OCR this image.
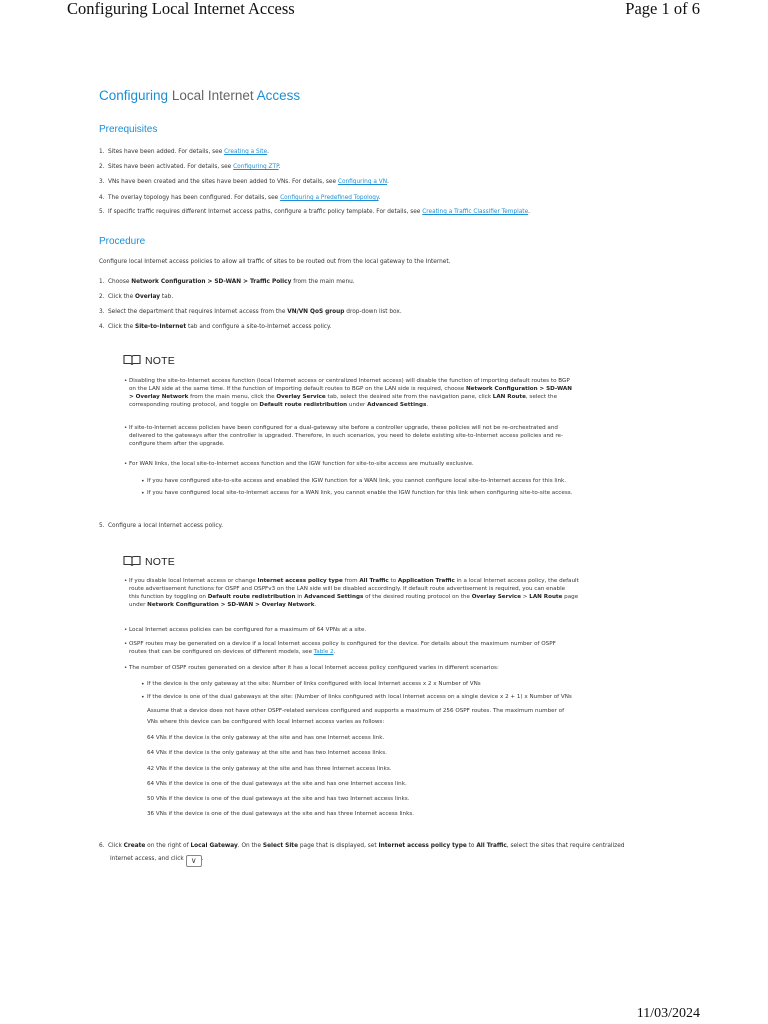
Configuring Local Internet Access	Page 1 of 6
Configuring Local Internet Access
Prerequisites
1. Sites have been added. For details, see Creating a Site.
2. Sites have been activated. For details, see Configuring ZTP.
3. VNs have been created and the sites have been added to VNs. For details, see Configuring a VN.
4. The overlay topology has been configured. For details, see Configuring a Predefined Topology.
5. If specific traffic requires different Internet access paths, configure a traffic policy template. For details, see Creating a Traffic Classifier Template.
Procedure
Configure local Internet access policies to allow all traffic of sites to be routed out from the local gateway to the Internet.
1. Choose Network Configuration > SD-WAN > Traffic Policy from the main menu.
2. Click the Overlay tab.
3. Select the department that requires Internet access from the VN/VN QoS group drop-down list box.
4. Click the Site-to-Internet tab and configure a site-to-Internet access policy.
NOTE
• Disabling the site-to-Internet access function (local Internet access or centralized Internet access) will disable the function of importing default routes to BGP
on the LAN side at the same time. If the function of importing default routes to BGP on the LAN side is required, choose Network Configuration > SD-WAN
> Overlay Network from the main menu, click the Overlay Service tab, select the desired site from the navigation pane, click LAN Route, select the
corresponding routing protocol, and toggle on Default route redistribution under Advanced Settings.
• If site-to-Internet access policies have been configured for a dual-gateway site before a controller upgrade, these policies will not be re-orchestrated and
delivered to the gateways after the controller is upgraded. Therefore, in such scenarios, you need to delete existing site-to-Internet access policies and re-
configure them after the upgrade.
• For WAN links, the local site-to-Internet access function and the IGW function for site-to-site access are mutually exclusive.
• If you have configured site-to-site access and enabled the IGW function for a WAN link, you cannot configure local site-to-Internet access for this link.
• If you have configured local site-to-Internet access for a WAN link, you cannot enable the IGW function for this link when configuring site-to-site access.
5. Configure a local Internet access policy.
NOTE
• If you disable local Internet access or change Internet access policy type from All Traffic to Application Traffic in a local Internet access policy, the default
route advertisement functions for OSPF and OSPFv3 on the LAN side will be disabled accordingly. If default route advertisement is required, you can enable
this function by toggling on Default route redistribution in Advanced Settings of the desired routing protocol on the Overlay Service > LAN Route page
under Network Configuration > SD-WAN > Overlay Network.
• Local Internet access policies can be configured for a maximum of 64 VPNs at a site.
• OSPF routes may be generated on a device if a local Internet access policy is configured for the device. For details about the maximum number of OSPF
routes that can be configured on devices of different models, see Table 2.
• The number of OSPF routes generated on a device after it has a local Internet access policy configured varies in different scenarios:
• If the device is the only gateway at the site: Number of links configured with local Internet access x 2 x Number of VNs
• If the device is one of the dual gateways at the site: (Number of links configured with local Internet access on a single device x 2 + 1) x Number of VNs
Assume that a device does not have other OSPF-related services configured and supports a maximum of 256 OSPF routes. The maximum number of
VNs where this device can be configured with local Internet access varies as follows:
64 VNs if the device is the only gateway at the site and has one Internet access link.
64 VNs if the device is the only gateway at the site and has two Internet access links.
42 VNs if the device is the only gateway at the site and has three Internet access links.
64 VNs if the device is one of the dual gateways at the site and has one Internet access link.
50 VNs if the device is one of the dual gateways at the site and has two Internet access links.
36 VNs if the device is one of the dual gateways at the site and has three Internet access links.
6. Click Create on the right of Local Gateway. On the Select Site page that is displayed, set Internet access policy type to All Traffic, select the sites that require centralized
Internet access, and click ∨ .
11/03/2024
